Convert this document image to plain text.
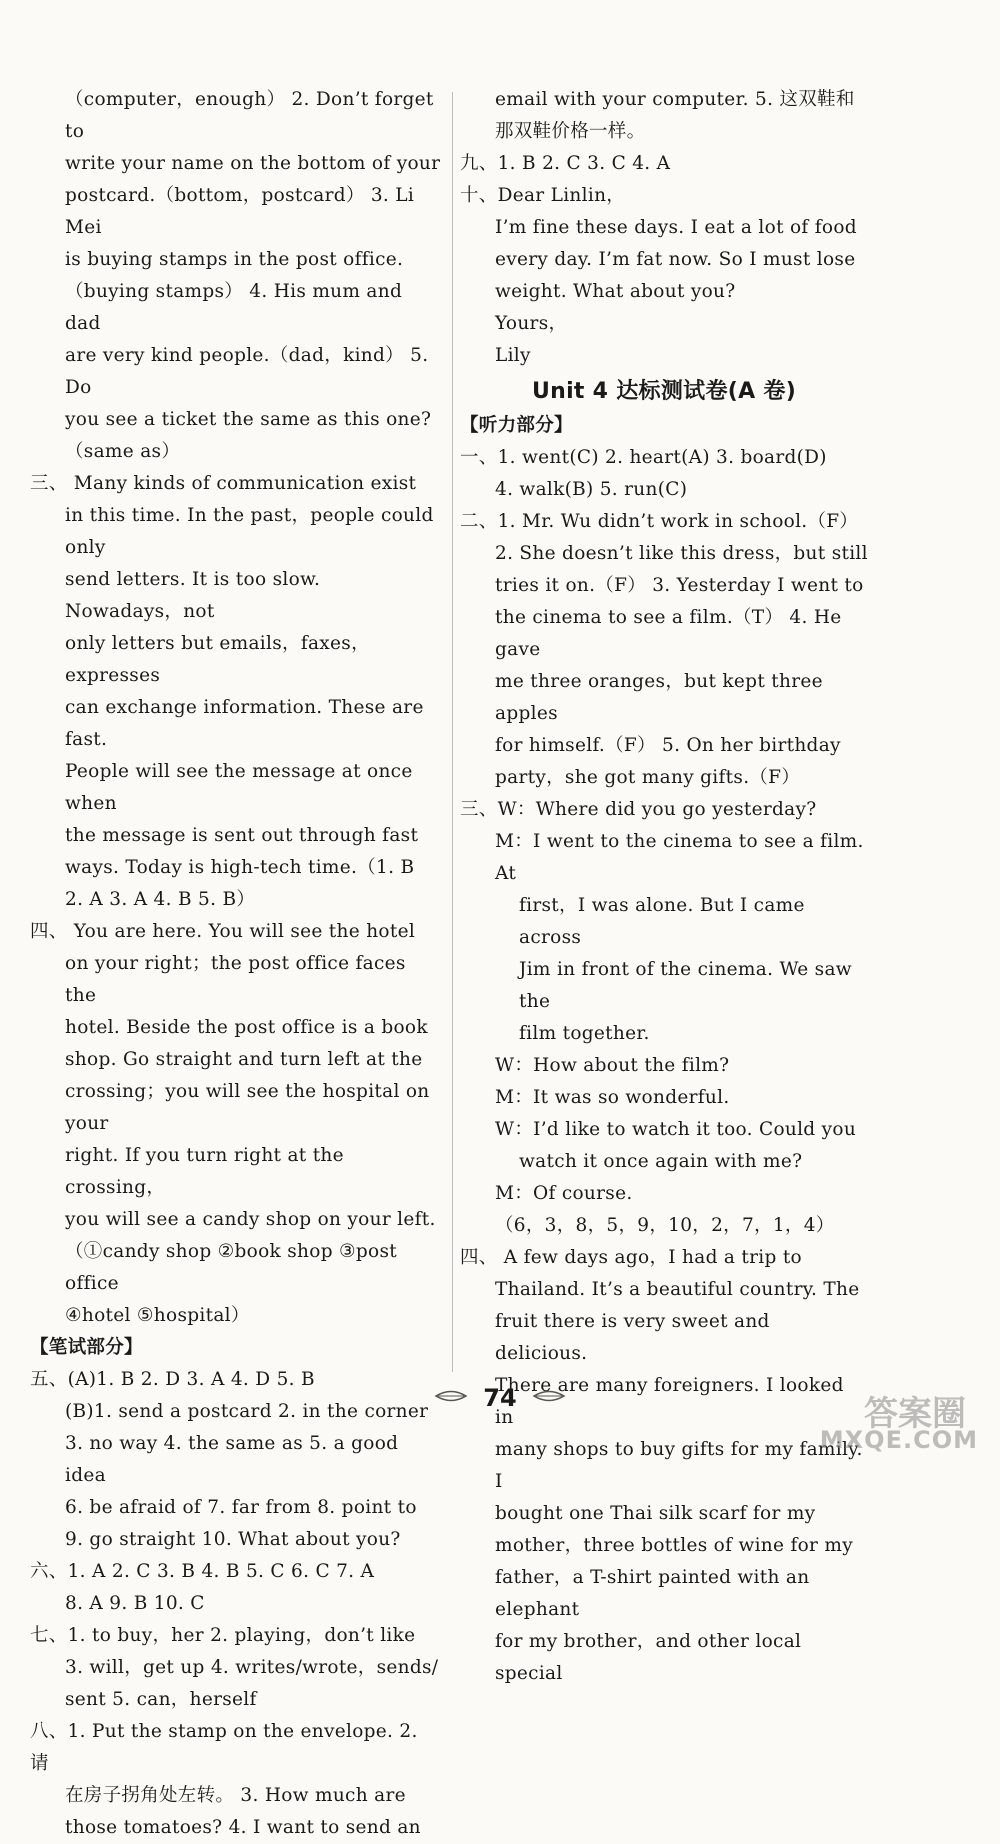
（computer，enough） 2. Don’t forget to
write your name on the bottom of your
postcard.（bottom，postcard） 3. Li Mei
is buying stamps in the post office.
（buying stamps） 4. His mum and dad
are very kind people.（dad，kind） 5. Do
you see a ticket the same as this one?
（same as）
三、 Many kinds of communication exist
in this time. In the past，people could only
send letters. It is too slow. Nowadays，not
only letters but emails，faxes，expresses
can exchange information. These are fast.
People will see the message at once when
the message is sent out through fast
ways. Today is high-tech time.（1. B
2. A 3. A 4. B 5. B）
四、 You are here. You will see the hotel
on your right；the post office faces the
hotel. Beside the post office is a book
shop. Go straight and turn left at the
crossing；you will see the hospital on your
right. If you turn right at the crossing，
you will see a candy shop on your left.
（①candy shop ②book shop ③post office
④hotel ⑤hospital）
【笔试部分】
五、(A)1. B 2. D 3. A 4. D 5. B
(B)1. send a postcard 2. in the corner
3. no way 4. the same as 5. a good idea
6. be afraid of 7. far from 8. point to
9. go straight 10. What about you?
六、1. A 2. C 3. B 4. B 5. C 6. C 7. A
8. A 9. B 10. C
七、1. to buy，her 2. playing，don’t like
3. will，get up 4. writes/wrote，sends/
sent 5. can，herself
八、1. Put the stamp on the envelope. 2. 请
在房子拐角处左转。 3. How much are
those tomatoes? 4. I want to send an
email with your computer. 5. 这双鞋和
那双鞋价格一样。
九、1. B 2. C 3. C 4. A
十、Dear Linlin，
I’m fine these days. I eat a lot of food
every day. I’m fat now. So I must lose
weight. What about you?
Yours，
Lily
Unit 4 达标测试卷(A 卷)
【听力部分】
一、1. went(C) 2. heart(A) 3. board(D)
4. walk(B) 5. run(C)
二、1. Mr. Wu didn’t work in school.（F）
2. She doesn’t like this dress，but still
tries it on.（F） 3. Yesterday I went to
the cinema to see a film.（T） 4. He gave
me three oranges，but kept three apples
for himself.（F） 5. On her birthday
party，she got many gifts.（F）
三、W：Where did you go yesterday?
M：I went to the cinema to see a film. At
first，I was alone. But I came across
Jim in front of the cinema. We saw the
film together.
W：How about the film?
M：It was so wonderful.
W：I’d like to watch it too. Could you
watch it once again with me?
M：Of course.
（6，3，8，5，9，10，2，7，1，4）
四、 A few days ago，I had a trip to
Thailand. It’s a beautiful country. The
fruit there is very sweet and delicious.
There are many foreigners. I looked in
many shops to buy gifts for my family. I
bought one Thai silk scarf for my
mother，three bottles of wine for my
father，a T-shirt painted with an elephant
for my brother，and other local special
74	答案圈
MXQE.COM
